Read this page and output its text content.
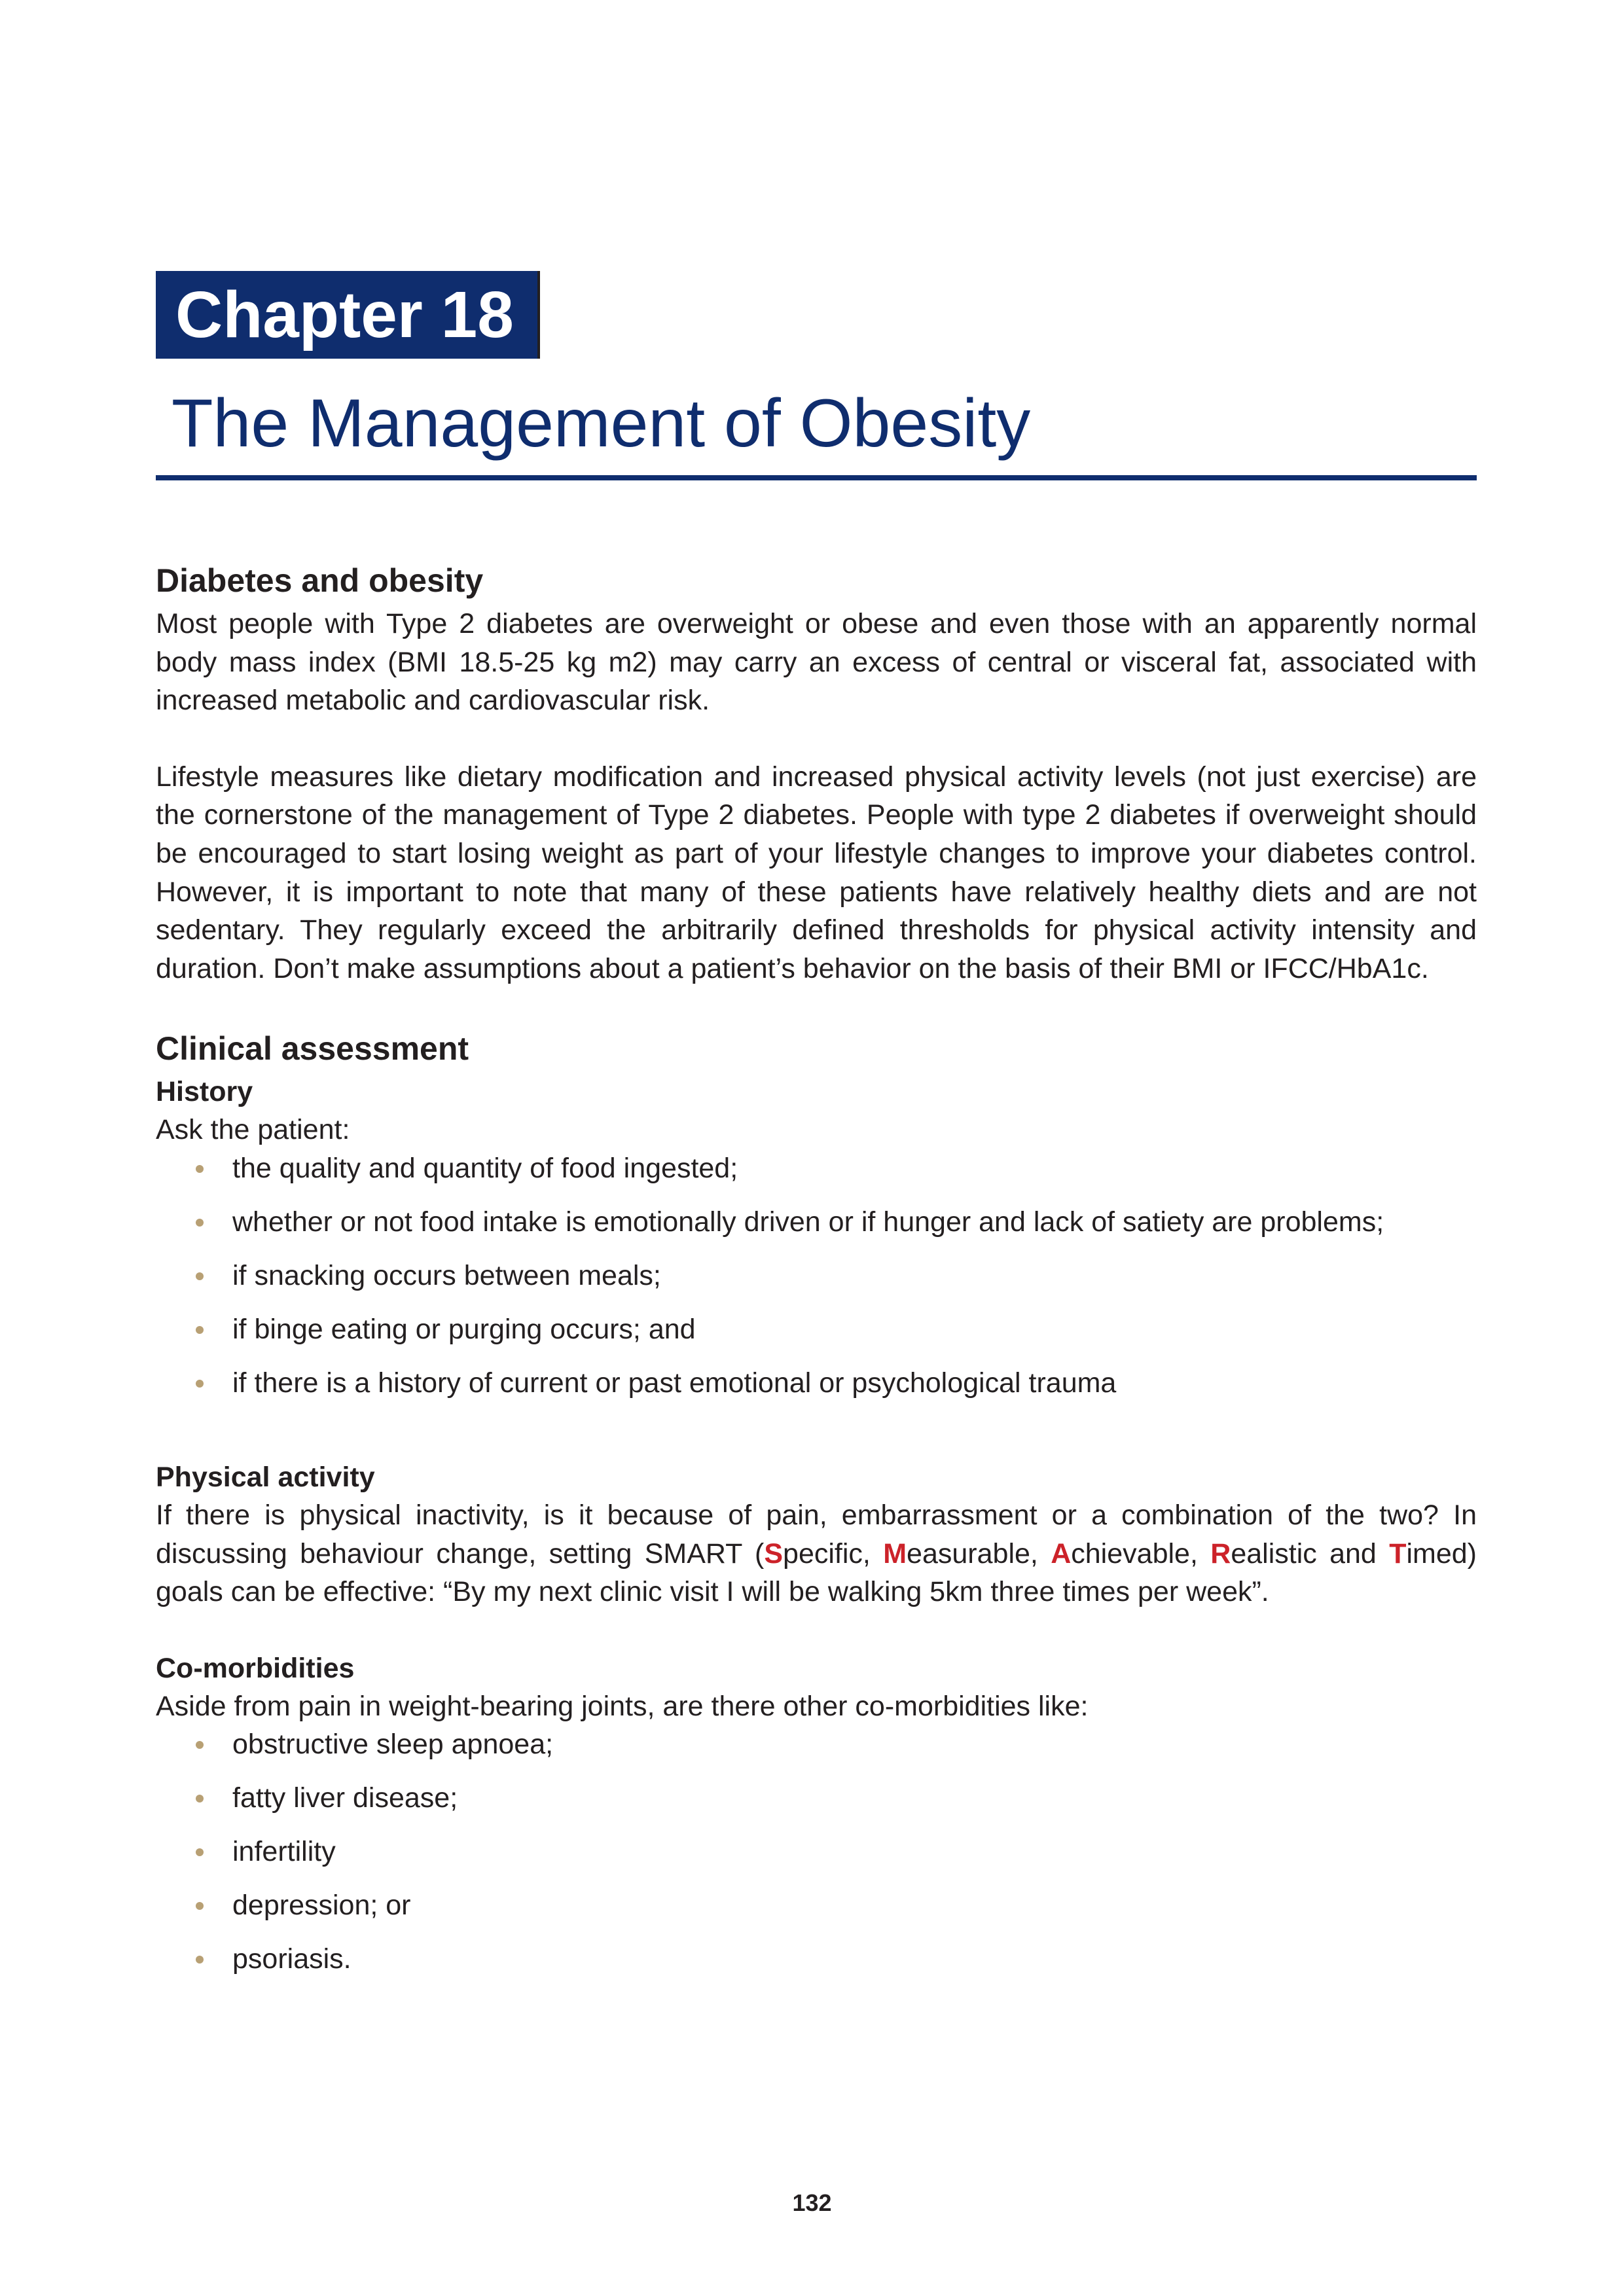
Chapter 18
The Management of Obesity
Diabetes and obesity

Most people with Type 2 diabetes are overweight or obese and even those with an apparently normal body mass index (BMI 18.5-25 kg m2) may carry an excess of central or visceral fat, associated with increased metabolic and cardiovascular risk.

Lifestyle measures like dietary modification and increased physical activity levels (not just exercise) are the cornerstone of the management of Type 2 diabetes. People with type 2 diabetes if overweight should be encouraged to start losing weight as part of your lifestyle changes to improve your diabetes control. However, it is important to note that many of these patients have relatively healthy diets and are not sedentary. They regularly exceed the arbitrarily defined thresholds for physical activity intensity and duration. Don’t make assumptions about a patient’s behavior on the basis of their BMI or IFCC/HbA1c.

Clinical assessment
History

Ask the patient:

the quality and quantity of food ingested;
whether or not food intake is emotionally driven or if hunger and lack of satiety are problems;
if snacking occurs between meals;
if binge eating or purging occurs; and
if there is a history of current or past emotional or psychological trauma
Physical activity

If there is physical inactivity, is it because of pain, embarrassment or a combination of the two? In discussing behaviour change, setting SMART (Specific, Measurable, Achievable, Realistic and Timed) goals can be effective: “By my next clinic visit I will be walking 5km three times per week”.

Co-morbidities

Aside from pain in weight-bearing joints, are there other co-morbidities like:

obstructive sleep apnoea;
fatty liver disease;
infertility
depression; or
psoriasis.
132
